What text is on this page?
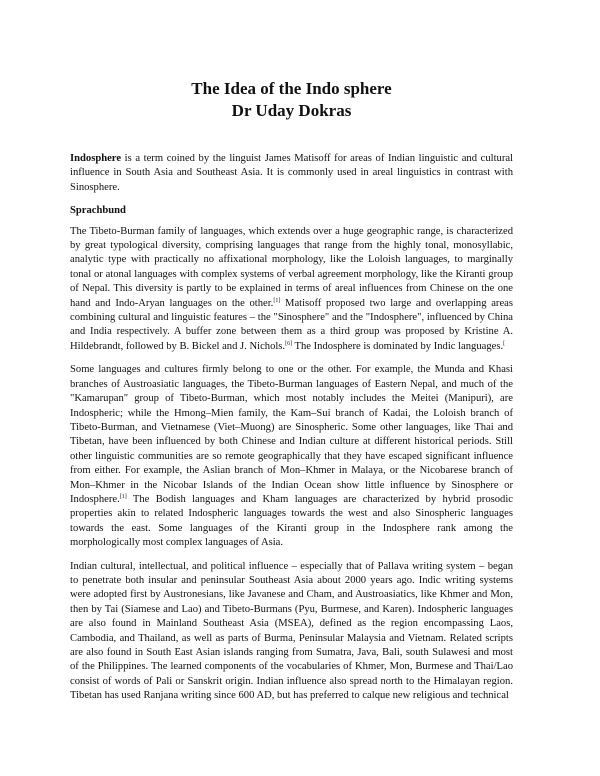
The Idea of the Indo sphere
Dr Uday Dokras

Indosphere is a term coined by the linguist James Matisoff for areas of Indian linguistic and cultural influence in South Asia and Southeast Asia. It is commonly used in areal linguistics in contrast with Sinosphere.

Sprachbund

The Tibeto-Burman family of languages, which extends over a huge geographic range, is characterized by great typological diversity, comprising languages that range from the highly tonal, monosyllabic, analytic type with practically no affixational morphology, like the Loloish languages, to marginally tonal or atonal languages with complex systems of verbal agreement morphology, like the Kiranti group of Nepal. This diversity is partly to be explained in terms of areal influences from Chinese on the one hand and Indo-Aryan languages on the other.[1] Matisoff proposed two large and overlapping areas combining cultural and linguistic features – the "Sinosphere" and the "Indosphere", influenced by China and India respectively. A buffer zone between them as a third group was proposed by Kristine A. Hildebrandt, followed by B. Bickel and J. Nichols.[6] The Indosphere is dominated by Indic languages.[

Some languages and cultures firmly belong to one or the other. For example, the Munda and Khasi branches of Austroasiatic languages, the Tibeto-Burman languages of Eastern Nepal, and much of the "Kamarupan" group of Tibeto-Burman, which most notably includes the Meitei (Manipuri), are Indospheric; while the Hmong–Mien family, the Kam–Sui branch of Kadai, the Loloish branch of Tibeto-Burman, and Vietnamese (Viet–Muong) are Sinospheric. Some other languages, like Thai and Tibetan, have been influenced by both Chinese and Indian culture at different historical periods. Still other linguistic communities are so remote geographically that they have escaped significant influence from either. For example, the Aslian branch of Mon–Khmer in Malaya, or the Nicobarese branch of Mon–Khmer in the Nicobar Islands of the Indian Ocean show little influence by Sinosphere or Indosphere.[1] The Bodish languages and Kham languages are characterized by hybrid prosodic properties akin to related Indospheric languages towards the west and also Sinospheric languages towards the east. Some languages of the Kiranti group in the Indosphere rank among the morphologically most complex languages of Asia.

Indian cultural, intellectual, and political influence – especially that of Pallava writing system – began to penetrate both insular and peninsular Southeast Asia about 2000 years ago. Indic writing systems were adopted first by Austronesians, like Javanese and Cham, and Austroasiatics, like Khmer and Mon, then by Tai (Siamese and Lao) and Tibeto-Burmans (Pyu, Burmese, and Karen). Indospheric languages are also found in Mainland Southeast Asia (MSEA), defined as the region encompassing Laos, Cambodia, and Thailand, as well as parts of Burma, Peninsular Malaysia and Vietnam. Related scripts are also found in South East Asian islands ranging from Sumatra, Java, Bali, south Sulawesi and most of the Philippines. The learned components of the vocabularies of Khmer, Mon, Burmese and Thai/Lao consist of words of Pali or Sanskrit origin. Indian influence also spread north to the Himalayan region. Tibetan has used Ranjana writing since 600 AD, but has preferred to calque new religious and technical
